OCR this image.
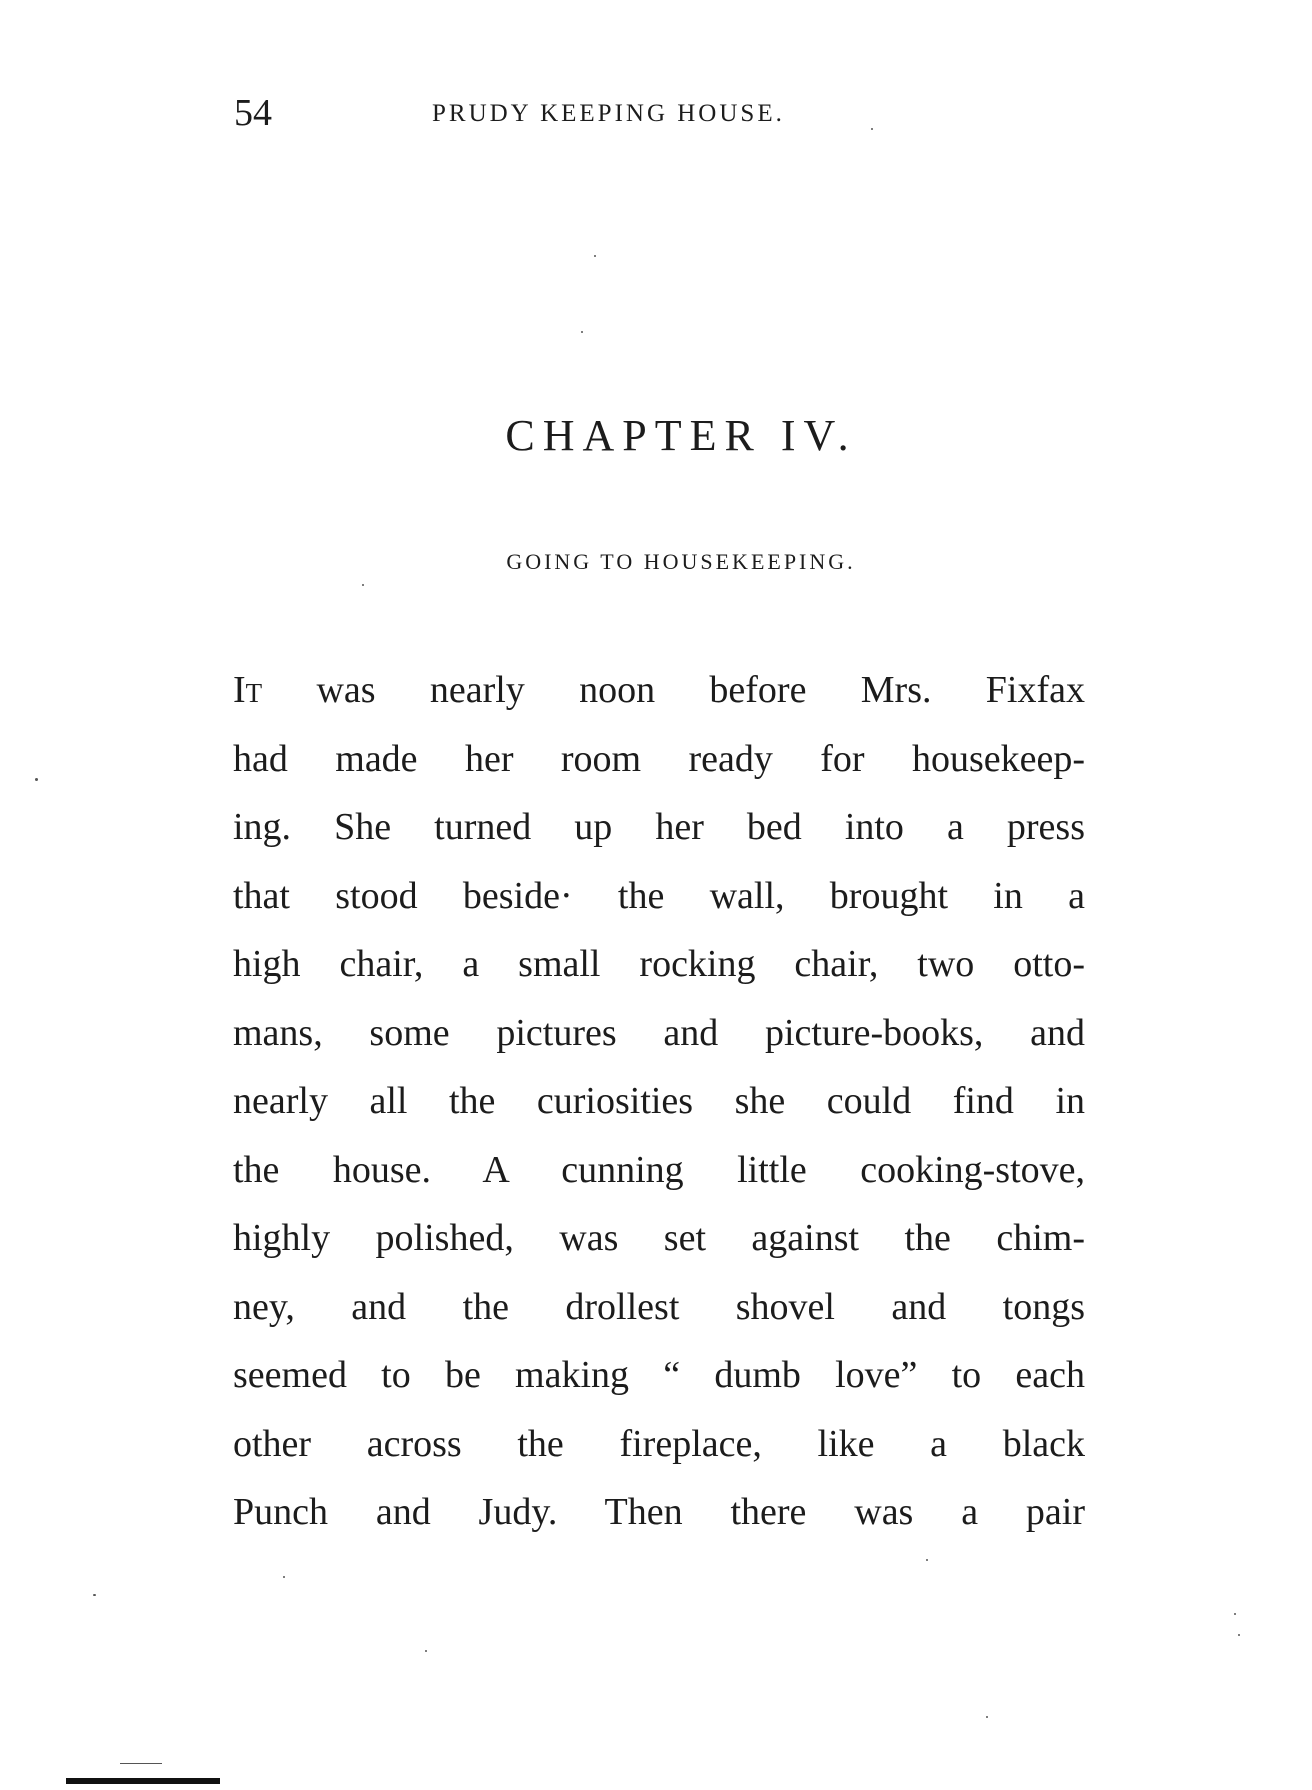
54	PRUDY KEEPING HOUSE.
CHAPTER IV.
GOING TO HOUSEKEEPING.
It was nearly noon before Mrs. Fixfax
had made her room ready for housekeep-
ing. She turned up her bed into a press
that stood beside· the wall, brought in a
high chair, a small rocking chair, two otto-
mans, some pictures and picture-books, and
nearly all the curiosities she could find in
the house. A cunning little cooking-stove,
highly polished, was set against the chim-
ney, and the drollest shovel and tongs
seemed to be making “ dumb love” to each
other across the fireplace, like a black
Punch and Judy. Then there was a pair
